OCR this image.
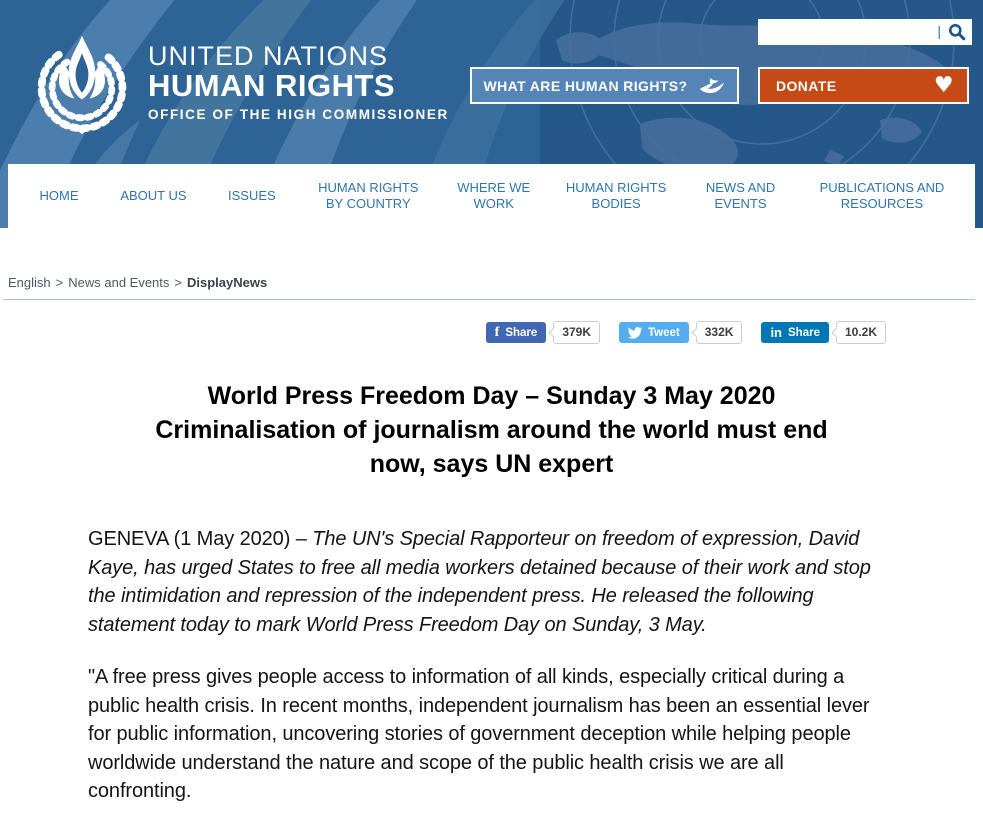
UNITED NATIONS
HUMAN RIGHTS
OFFICE OF THE HIGH COMMISSIONER
|
WHAT ARE HUMAN RIGHTS?	DONATE	♥
HOME	ABOUT US	ISSUES
HUMAN RIGHTS BY COUNTRY
WHERE WE WORK
HUMAN RIGHTS BODIES
NEWS AND EVENTS
PUBLICATIONS AND RESOURCES
English > News and Events > DisplayNews
f Share	379K	Tweet	332K	in Share	10.2K
World Press Freedom Day – Sunday 3 May 2020
Criminalisation of journalism around the world must end
now, says UN expert

GENEVA (1 May 2020) – The UN's Special Rapporteur on freedom of expression, David Kaye, has urged States to free all media workers detained because of their work and stop the intimidation and repression of the independent press. He released the following statement today to mark World Press Freedom Day on Sunday, 3 May.

"A free press gives people access to information of all kinds, especially critical during a public health crisis. In recent months, independent journalism has been an essential lever for public information, uncovering stories of government deception while helping people worldwide understand the nature and scope of the public health crisis we are all confronting.
